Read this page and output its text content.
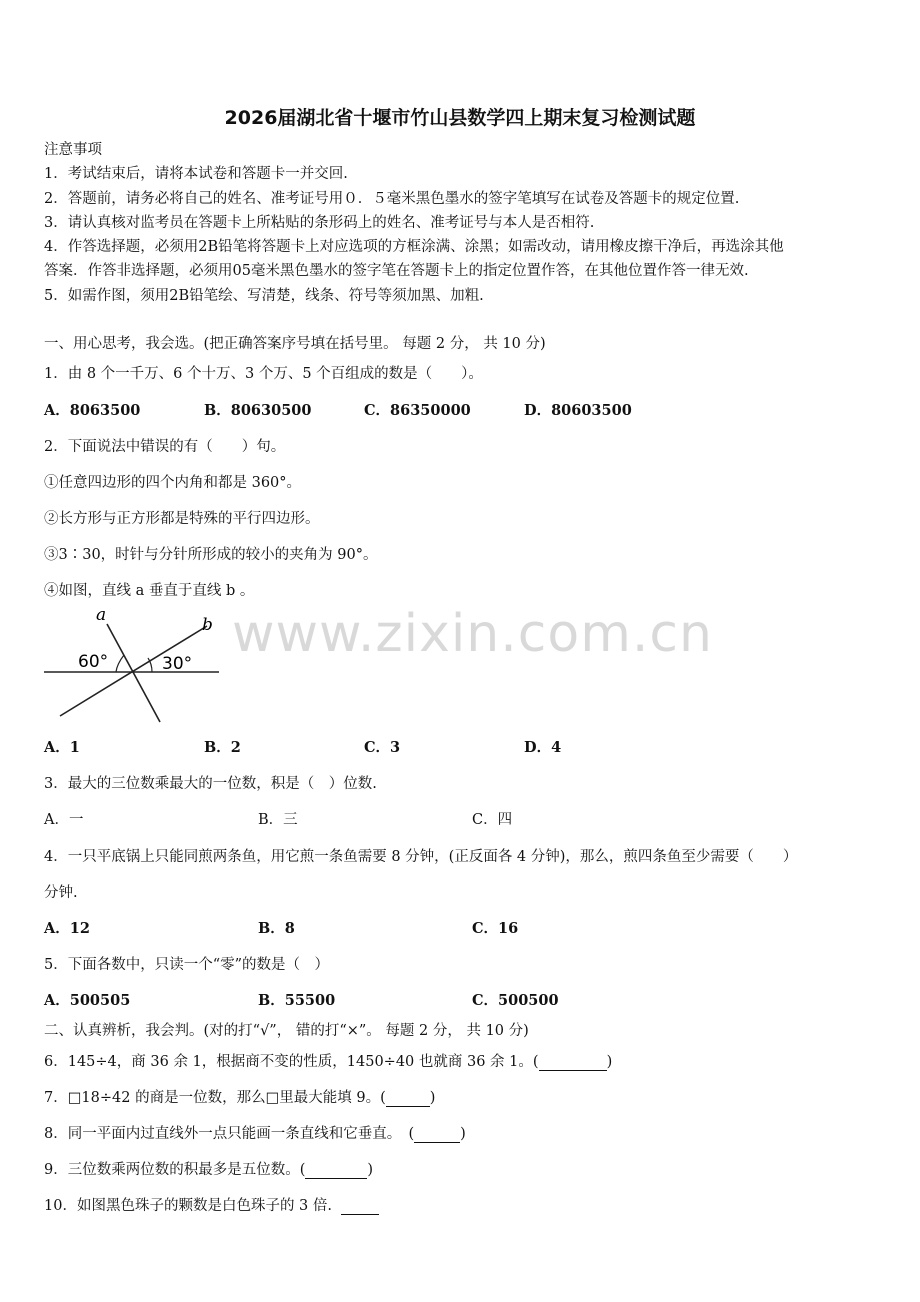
www.zixin.com.cn
2026届湖北省十堰市竹山县数学四上期末复习检测试题
注意事项
1．考试结束后，请将本试卷和答题卡一并交回.
2．答题前，请务必将自己的姓名、准考证号用０．５毫米黑色墨水的签字笔填写在试卷及答题卡的规定位置.
3．请认真核对监考员在答题卡上所粘贴的条形码上的姓名、准考证号与本人是否相符.
4．作答选择题，必须用2B铅笔将答题卡上对应选项的方框涂满、涂黑；如需改动，请用橡皮擦干净后，再选涂其他
答案．作答非选择题，必须用05毫米黑色墨水的签字笔在答题卡上的指定位置作答，在其他位置作答一律无效.
5．如需作图，须用2B铅笔绘、写清楚，线条、符号等须加黑、加粗.
一、用心思考，我会选。(把正确答案序号填在括号里。 每题 2 分， 共 10 分)
1．由 8 个一千万、6 个十万、3 个万、5 个百组成的数是（　　）。
A．8063500	B．80630500	C．86350000	D．80603500
2．下面说法中错误的有（　　）句。
①任意四边形的四个内角和都是 360°。
②长方形与正方形都是特殊的平行四边形。
③3∶30，时针与分针所形成的较小的夹角为 90°。
④如图，直线 a 垂直于直线 b 。
a	b
60°	30°
A．1	B．2	C．3	D．4
3．最大的三位数乘最大的一位数，积是（　）位数.
A．一	B．三	C．四
4．一只平底锅上只能同煎两条鱼，用它煎一条鱼需要 8 分钟，(正反面各 4 分钟)，那么，煎四条鱼至少需要（　　）
分钟.
A．12	B．8	C．16
5．下面各数中，只读一个“零”的数是（　）
A．500505	B．55500	C．500500
二、认真辨析，我会判。(对的打“√”， 错的打“×”。 每题 2 分， 共 10 分)
6．145÷4，商 36 余 1，根据商不变的性质，1450÷40 也就商 36 余 1。(	)
7．□18÷42 的商是一位数，那么□里最大能填 9。(	)
8．同一平面内过直线外一点只能画一条直线和它垂直。　(	)
9．三位数乘两位数的积最多是五位数。(	)
10．如图黑色珠子的颗数是白色珠子的 3 倍.
